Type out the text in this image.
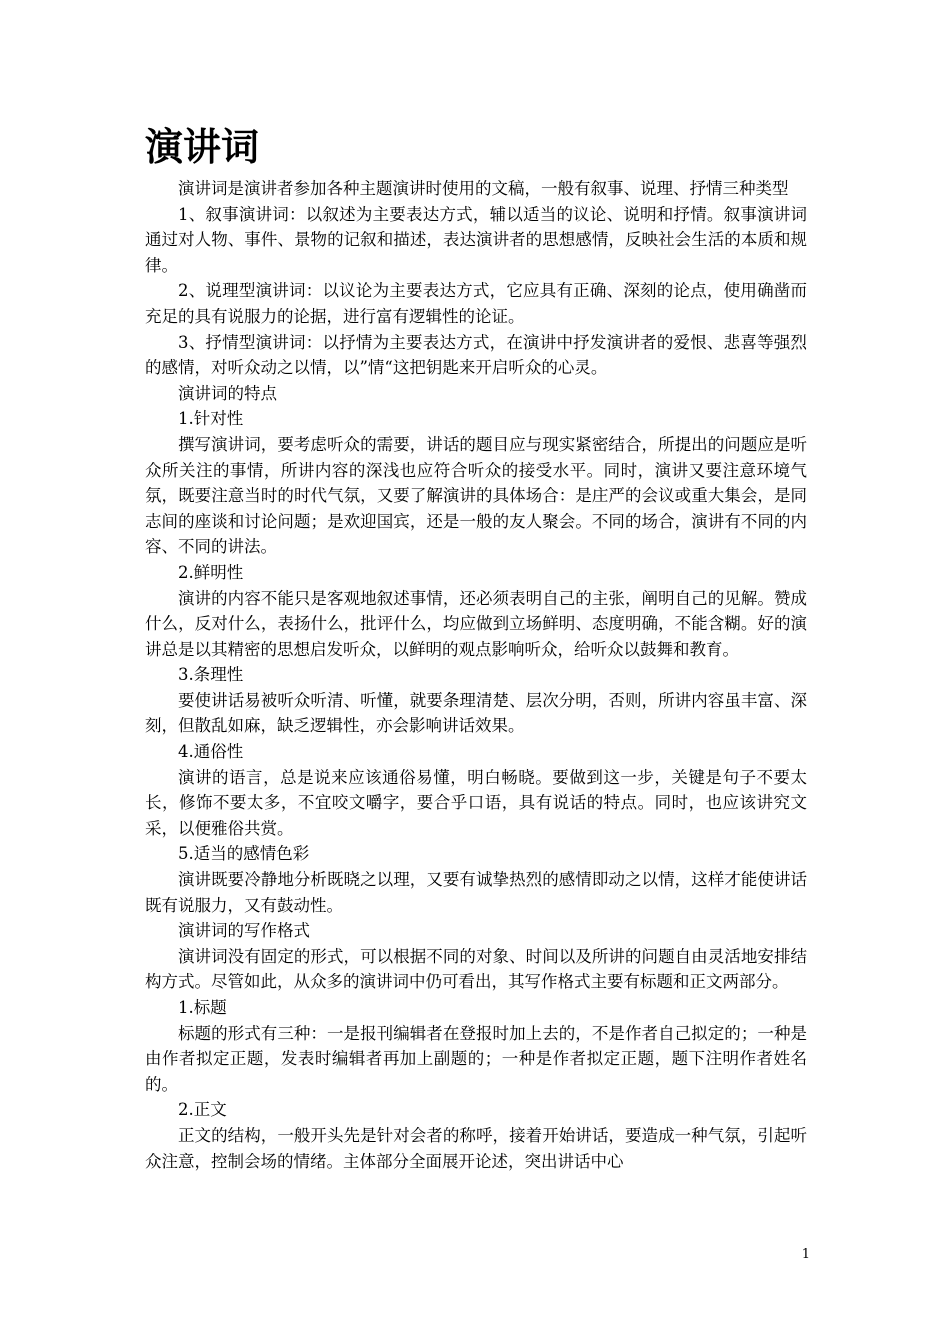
演讲词

演讲词是演讲者参加各种主题演讲时使用的文稿，一般有叙事、说理、抒情三种类型

1、叙事演讲词：以叙述为主要表达方式，辅以适当的议论、说明和抒情。叙事演讲词通过对人物、事件、景物的记叙和描述，表达演讲者的思想感情，反映社会生活的本质和规律。

2、说理型演讲词：以议论为主要表达方式，它应具有正确、深刻的论点，使用确凿而充足的具有说服力的论据，进行富有逻辑性的论证。

3、抒情型演讲词：以抒情为主要表达方式，在演讲中抒发演讲者的爱恨、悲喜等强烈的感情，对听众动之以情，以”情“这把钥匙来开启听众的心灵。

演讲词的特点

1.针对性

撰写演讲词，要考虑听众的需要，讲话的题目应与现实紧密结合，所提出的问题应是听众所关注的事情，所讲内容的深浅也应符合听众的接受水平。同时，演讲又要注意环境气氛，既要注意当时的时代气氛，又要了解演讲的具体场合：是庄严的会议或重大集会，是同志间的座谈和讨论问题；是欢迎国宾，还是一般的友人聚会。不同的场合，演讲有不同的内容、不同的讲法。

2.鲜明性

演讲的内容不能只是客观地叙述事情，还必须表明自己的主张，阐明自己的见解。赞成什么，反对什么，表扬什么，批评什么，均应做到立场鲜明、态度明确，不能含糊。好的演讲总是以其精密的思想启发听众，以鲜明的观点影响听众，给听众以鼓舞和教育。

3.条理性

要使讲话易被听众听清、听懂，就要条理清楚、层次分明，否则，所讲内容虽丰富、深刻，但散乱如麻，缺乏逻辑性，亦会影响讲话效果。

4.通俗性

演讲的语言，总是说来应该通俗易懂，明白畅晓。要做到这一步，关键是句子不要太长，修饰不要太多，不宜咬文嚼字，要合乎口语，具有说话的特点。同时，也应该讲究文采，以便雅俗共赏。

5.适当的感情色彩

演讲既要冷静地分析既晓之以理，又要有诚挚热烈的感情即动之以情，这样才能使讲话既有说服力，又有鼓动性。

演讲词的写作格式

演讲词没有固定的形式，可以根据不同的对象、时间以及所讲的问题自由灵活地安排结构方式。尽管如此，从众多的演讲词中仍可看出，其写作格式主要有标题和正文两部分。

1.标题

标题的形式有三种：一是报刊编辑者在登报时加上去的，不是作者自己拟定的；一种是由作者拟定正题，发表时编辑者再加上副题的；一种是作者拟定正题，题下注明作者姓名的。

2.正文

正文的结构，一般开头先是针对会者的称呼，接着开始讲话，要造成一种气氛，引起听众注意，控制会场的情绪。主体部分全面展开论述，突出讲话中心

1
